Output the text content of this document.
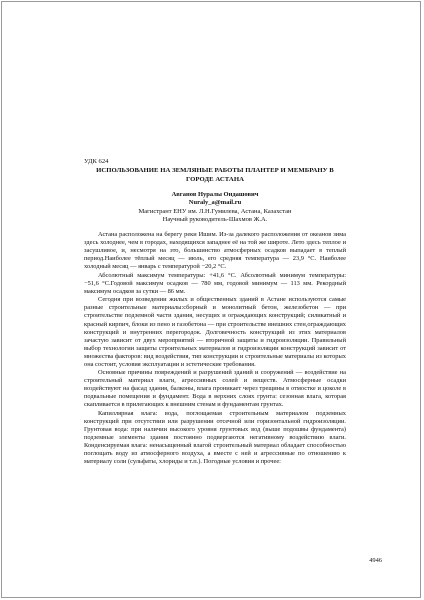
УДК 624
ИСПОЛЬЗОВАНИЕ НА ЗЕМЛЯНЫЕ РАБОТЫ ПЛАНТЕР И МЕМБРАНУ В ГОРОДЕ АСТАНА
Авганов Нуралы Ондашович
Nuraly_a@mail.ru
Магистрант ЕНУ им. Л.Н.Гумилева, Астана, Казахстан
Научный руководитель-Шахмов Ж.А.

Астана расположена на берегу реки Ишим. Из-за далекого расположения от океанов зима здесь холоднее, чем в городах, находящихся западнее её на той же широте. Лето здесь теплое и засушливое, и, несмотря на это, большинство атмосферных осадков выпадает в теплый период.Наиболее тёплый месяц — июль, его средняя температура — 23,9 °C. Наиболее холодный месяц — январь с температурой −20,2 °C.

Абсолютный максимум температуры: +41,6 °C. Абсолютный минимум температуры: −51,6 °C.Годовой максимум осадков — 780 мм, годовой минимум — 113 мм. Рекордный максимум осадков за сутки — 86 мм.

Сегодня при возведении жилых и общественных зданий в Астане используются самые разные строительные материалы:сборный и монолитный бетон, железобетон — при строительстве подземной части здания, несущих и ограждающих конструкций; силикатный и красный кирпич, блоки из пено и газобетона — при строительстве внешних стен,ограждающих конструкций и внутренних перегородок. Долговечность конструкций из этих материалов зачастую зависит от двух мероприятий — вторичной защиты и гидроизоляции. Правильный выбор технологии защиты строительных материалов и гидроизоляции конструкций зависит от множества факторов: вид воздействия, тип конструкции и строительные материалы из которых она состоит, условия эксплуатации и эстетические требования.

Основные причины повреждений и разрушений зданий и сооружений — воздействие на строительный материал влаги, агрессивных солей и веществ. Атмосферные осадки воздействуют на фасад здания, балконы, влага проникает через трещины в отмостке и цоколе в подвальные помещения и фундамент. Вода в верхних слоях грунта: сезонная влага, которая скапливается в прилегающих к внешним стенам и фундаментам грунтах.

Капиллярная влага: вода, поглощаемая строительным материалом подземных конструкций при отсутствии или разрушении отсечной или горизонтальной гидроизоляции. Грунтовая вода: при наличии высокого уровня грунтовых вод (выше подошвы фундамента) подземные элементы здания постоянно подвергаются негативному воздействию влаги. Конденсируемая влага: ненасыщенный влагой строительный материал обладает способностью поглощать воду из атмосферного воздуха, а вместе с ней и агрессивные по отношению к материалу соли (сульфаты, хлориды и т.п.). Погодные условия и прочее:

4946
